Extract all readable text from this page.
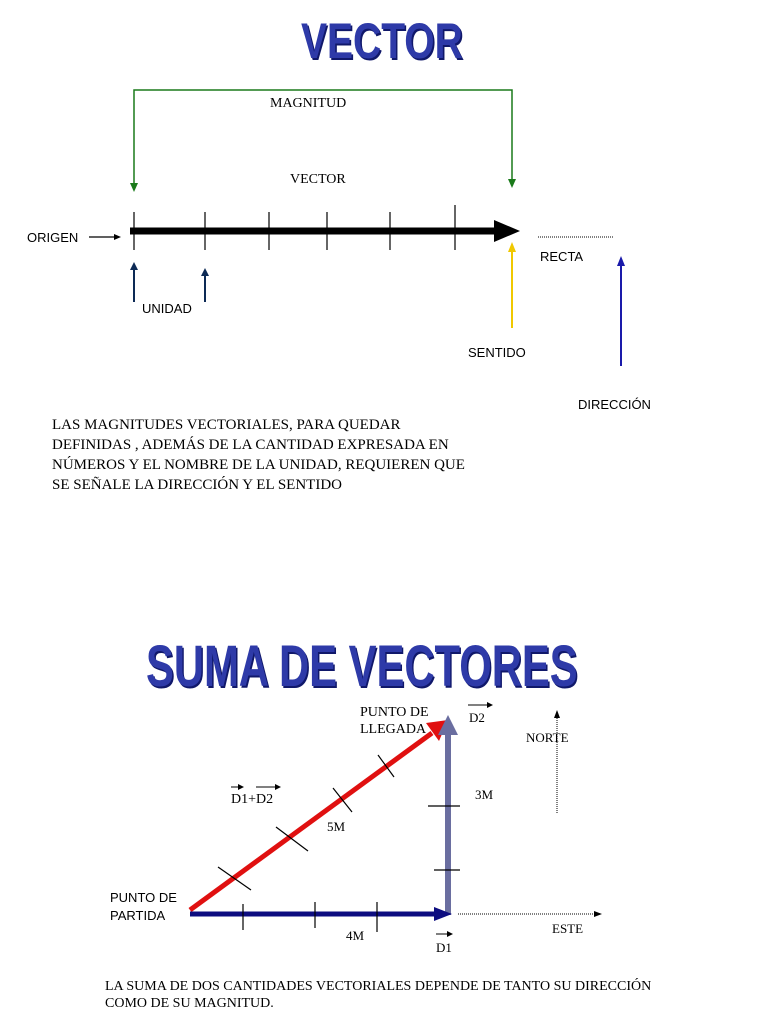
VECTOR
MAGNITUD
VECTOR
ORIGEN
UNIDAD
RECTA
SENTIDO
DIRECCIÓN
LAS MAGNITUDES VECTORIALES, PARA QUEDAR
DEFINIDAS , ADEMÁS DE LA CANTIDAD EXPRESADA EN
NÚMEROS Y EL NOMBRE DE LA UNIDAD, REQUIEREN QUE
SE SEÑALE LA DIRECCIÓN Y EL SENTIDO
SUMA DE VECTORES
PUNTO DE
LLEGADA
D2
NORTE
D1+D2	3M
5M
PUNTO DE
PARTIDA
ESTE
4M
D1
LA SUMA DE DOS CANTIDADES VECTORIALES DEPENDE DE TANTO SU DIRECCIÓN
COMO DE SU MAGNITUD.
